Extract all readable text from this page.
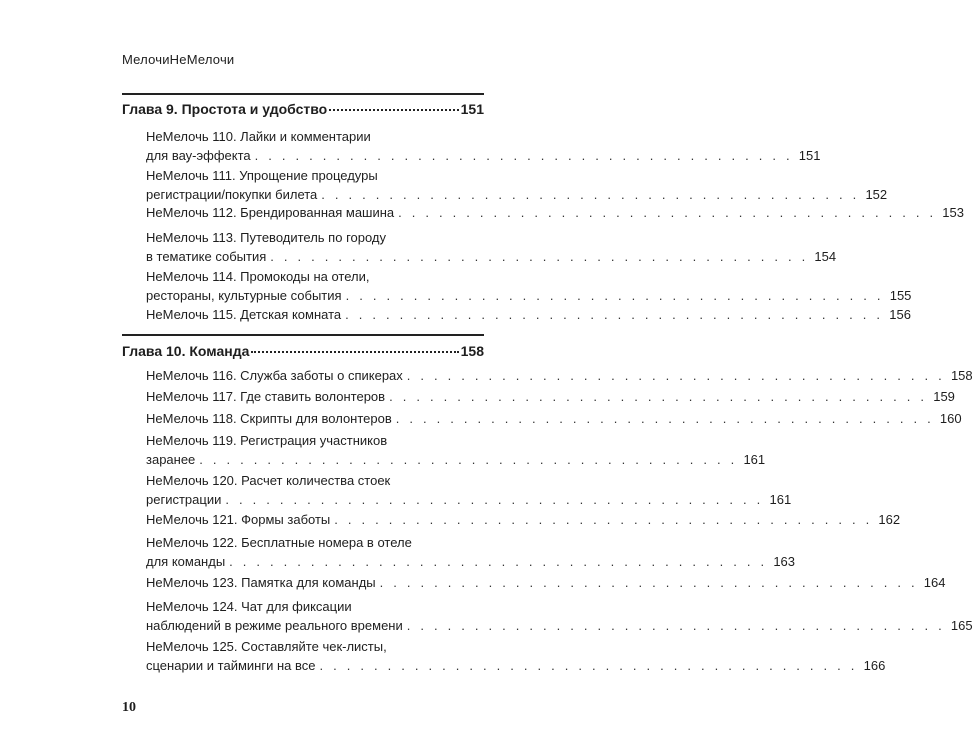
МелочиНеМелочи
Глава 9. Простота и удобство	151
НеМелочь 110. Лайки и комментарии
для вау-эффекта . . . . . . . . . . . . . . . . . . . . . . . . . . . . . . . . . . . . . . . . 151
НеМелочь 111. Упрощение процедуры
регистрации/покупки билета . . . . . . . . . . . . . . . . . . . . . . . . . . . . . . . . . . . . . . . . 152
НеМелочь 112. Брендированная машина . . . . . . . . . . . . . . . . . . . . . . . . . . . . . . . . . . . . . . . . 153
НеМелочь 113. Путеводитель по городу
в тематике события . . . . . . . . . . . . . . . . . . . . . . . . . . . . . . . . . . . . . . . . 154
НеМелочь 114. Промокоды на отели,
рестораны, культурные события . . . . . . . . . . . . . . . . . . . . . . . . . . . . . . . . . . . . . . . . 155
НеМелочь 115. Детская комната . . . . . . . . . . . . . . . . . . . . . . . . . . . . . . . . . . . . . . . . 156
Глава 10. Команда	158
НеМелочь 116. Служба заботы о спикерах . . . . . . . . . . . . . . . . . . . . . . . . . . . . . . . . . . . . . . . . 158
НеМелочь 117. Где ставить волонтеров . . . . . . . . . . . . . . . . . . . . . . . . . . . . . . . . . . . . . . . . 159
НеМелочь 118. Скрипты для волонтеров . . . . . . . . . . . . . . . . . . . . . . . . . . . . . . . . . . . . . . . . 160
НеМелочь 119. Регистрация участников
заранее . . . . . . . . . . . . . . . . . . . . . . . . . . . . . . . . . . . . . . . . 161
НеМелочь 120. Расчет количества стоек
регистрации . . . . . . . . . . . . . . . . . . . . . . . . . . . . . . . . . . . . . . . . 161
НеМелочь 121. Формы заботы . . . . . . . . . . . . . . . . . . . . . . . . . . . . . . . . . . . . . . . . 162
НеМелочь 122. Бесплатные номера в отеле
для команды . . . . . . . . . . . . . . . . . . . . . . . . . . . . . . . . . . . . . . . . 163
НеМелочь 123. Памятка для команды . . . . . . . . . . . . . . . . . . . . . . . . . . . . . . . . . . . . . . . . 164
НеМелочь 124. Чат для фиксации
наблюдений в режиме реального времени . . . . . . . . . . . . . . . . . . . . . . . . . . . . . . . . . . . . . . . . 165
НеМелочь 125. Составляйте чек-листы,
сценарии и тайминги на все . . . . . . . . . . . . . . . . . . . . . . . . . . . . . . . . . . . . . . . . 166
10
